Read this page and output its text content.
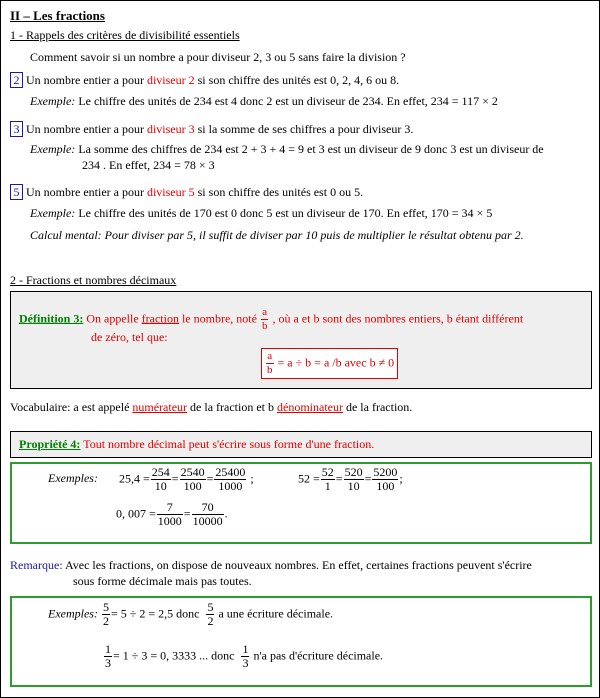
II – Les fractions
1 - Rappels des critères de divisibilité essentiels
Comment savoir si un nombre a pour diviseur 2, 3 ou 5 sans faire la division ?
2 Un nombre entier a pour diviseur 2 si son chiffre des unités est 0, 2, 4, 6 ou 8.
Exemple: Le chiffre des unités de 234 est 4 donc 2 est un diviseur de 234. En effet, 234 = 117 × 2
3 Un nombre entier a pour diviseur 3 si la somme de ses chiffres a pour diviseur 3.
Exemple: La somme des chiffres de 234 est 2 + 3 + 4 = 9 et 3 est un diviseur de 9 donc 3 est un diviseur de
234 . En effet, 234 = 78 × 3
5 Un nombre entier a pour diviseur 5 si son chiffre des unités est 0 ou 5.
Exemple: Le chiffre des unités de 170 est 0 donc 5 est un diviseur de 170. En effet, 170 = 34 × 5
Calcul mental: Pour diviser par 5, il suffit de diviser par 10 puis de multiplier le résultat obtenu par 2.
2 - Fractions et nombres décimaux
Définition 3: On appelle fraction le nombre, noté $\frac{a}{b}$ , où a et b sont des nombres entiers, b étant différent
de zéro, tel que:
$\frac{a}{b} = a \div b = a$ /b avec b ≠ 0
Vocabulaire: a est appelé numérateur de la fraction et b dénominateur de la fraction.
Propriété 4: Tout nombre décimal peut s'écrire sous forme d'une fraction.
Exemples: $25,4 = \frac{254}{10} = \frac{2540}{100} = \frac{25400}{1000}$ ;	$52 = \frac{52}{1} = \frac{520}{10} = \frac{5200}{100}$ ;
0, $007 = \frac{7}{1000} = \frac{70}{10000}$ .
Remarque: Avec les fractions, on dispose de nouveaux nombres. En effet, certaines fractions peuvent s'écrire
sous forme décimale mais pas toutes.
Exemples: $\frac{5}{2} = 5 \div 2 = 2,5$ donc $\frac{5}{2}$ a une écriture décimale.
$\frac{1}{3} = 1 \div 3 = 0$, 3333 ... donc $\frac{1}{3} n'a$ pas d'écriture décimale.
